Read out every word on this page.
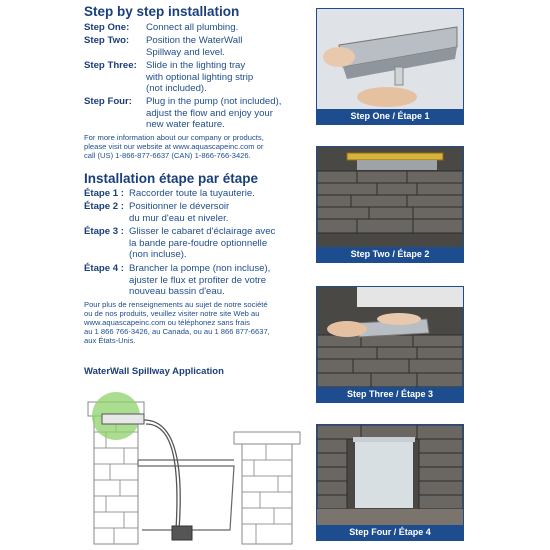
Step by step installation
Step One: Connect all plumbing.
Step Two: Position the WaterWall
Spillway and level.
Step Three: Slide in the lighting tray
with optional lighting strip
(not included).
Step Four: Plug in the pump (not included),
adjust the flow and enjoy your
new water feature.
For more information about our company or products,
please visit our website at www.aquascapeinc.com or
call (US) 1-866-877-6637 (CAN) 1-866-766-3426.
Installation étape par étape
Étape 1 : Raccorder toute la tuyauterie.
Étape 2 : Positionner le déversoir
du mur d'eau et niveler.
Étape 3 : Glisser le cabaret d'éclairage avec
la bande pare-foudre optionnelle
(non incluse).
Étape 4 : Brancher la pompe (non incluse),
ajuster le flux et profiter de votre
nouveau bassin d'eau.
Pour plus de renseignements au sujet de notre société
ou de nos produits, veuillez visiter notre site Web au
www.aquascapeinc.com ou téléphonez sans frais
au 1 866 766-3426, au Canada, ou au 1 866 877-6637,
aux États-Unis.
WaterWall Spillway Application
Step One / Étape 1
Step Two / Étape 2
Step Three / Étape 3
Step Four / Étape 4
